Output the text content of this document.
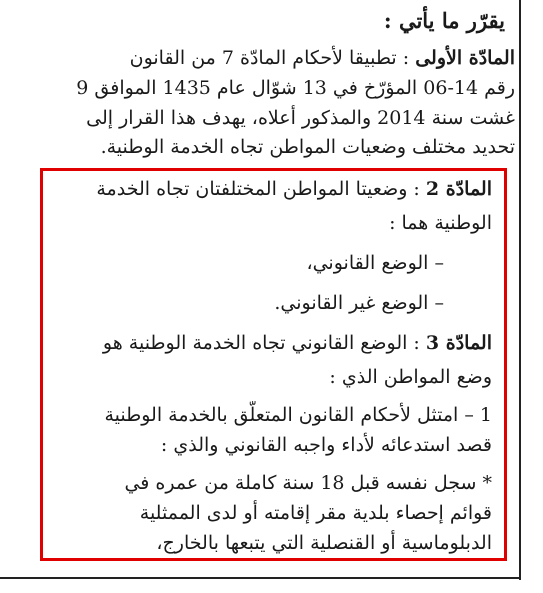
يقرّر ما يأتي :
المادّة الأولى : تطبيقا لأحكام المادّة 7 من القانون
رقم 14-06 المؤرّخ في 13 شوّال عام 1435 الموافق 9
غشت سنة 2014 والمذكور أعلاه، يهدف هذا القرار إلى
تحديد مختلف وضعيات المواطن تجاه الخدمة الوطنية.
المادّة 2 : وضعيتا المواطن المختلفتان تجاه الخدمة
الوطنية هما :
– الوضع القانوني،
– الوضع غير القانوني.
المادّة 3 : الوضع القانوني تجاه الخدمة الوطنية هو
وضع المواطن الذي :
1 – امتثل لأحكام القانون المتعلّق بالخدمة الوطنية
قصد استدعائه لأداء واجبه القانوني والذي :
* سجل نفسه قبل 18 سنة كاملة من عمره في
قوائم إحصاء بلدية مقر إقامته أو لدى الممثلية
الدبلوماسية أو القنصلية التي يتبعها بالخارج،
